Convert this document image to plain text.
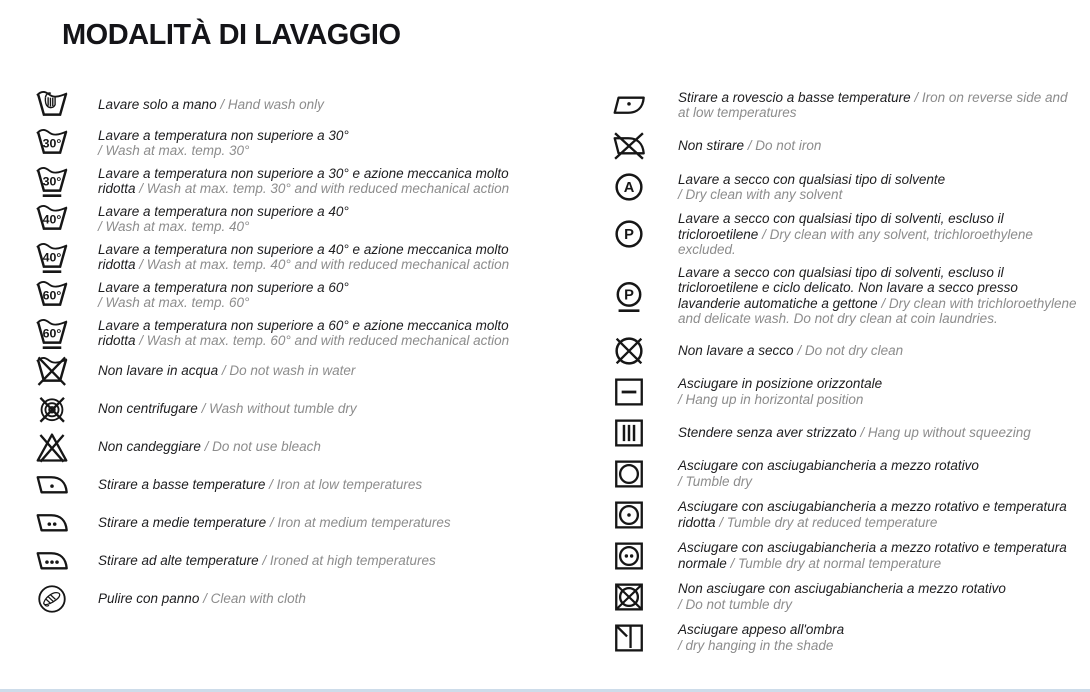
MODALITÀ DI LAVAGGIO

Lavare solo a mano / Hand wash only

30°

Lavare a temperatura non superiore a 30°
/ Wash at max. temp. 30°

30°

Lavare a temperatura non superiore a 30° e azione meccanica molto ridotta / Wash at max. temp. 30° and with reduced mechanical action

40°

Lavare a temperatura non superiore a 40°
/ Wash at max. temp. 40°

40°

Lavare a temperatura non superiore a 40° e azione meccanica molto ridotta / Wash at max. temp. 40° and with reduced mechanical action

60°

Lavare a temperatura non superiore a 60°
/ Wash at max. temp. 60°

60°

Lavare a temperatura non superiore a 60° e azione meccanica molto ridotta / Wash at max. temp. 60° and with reduced mechanical action

Non lavare in acqua / Do not wash in water

Non centrifugare / Wash without tumble dry

Non candeggiare / Do not use bleach

Stirare a basse temperature / Iron at low temperatures

Stirare a medie temperature / Iron at medium temperatures

Stirare ad alte temperature / Ironed at high temperatures

Pulire con panno / Clean with cloth

Stirare a rovescio a basse temperature / Iron on reverse side and at low temperatures

Non stirare / Do not iron

A

Lavare a secco con qualsiasi tipo di solvente
/ Dry clean with any solvent

P

Lavare a secco con qualsiasi tipo di solventi, escluso il tricloroetilene / Dry clean with any solvent, trichloroethylene excluded.

P

Lavare a secco con qualsiasi tipo di solventi, escluso il tricloroetilene e ciclo delicato. Non lavare a secco presso lavanderie automatiche a gettone / Dry clean with trichloroethylene and delicate wash. Do not dry clean at coin laundries.

Non lavare a secco / Do not dry clean

Asciugare in posizione orizzontale
/ Hang up in horizontal position

Stendere senza aver strizzato / Hang up without squeezing

Asciugare con asciugabiancheria a mezzo rotativo
/ Tumble dry

Asciugare con asciugabiancheria a mezzo rotativo e temperatura ridotta / Tumble dry at reduced temperature

Asciugare con asciugabiancheria a mezzo rotativo e temperatura normale / Tumble dry at normal temperature

Non asciugare con asciugabiancheria a mezzo rotativo
/ Do not tumble dry

Asciugare appeso all'ombra
/ dry hanging in the shade
